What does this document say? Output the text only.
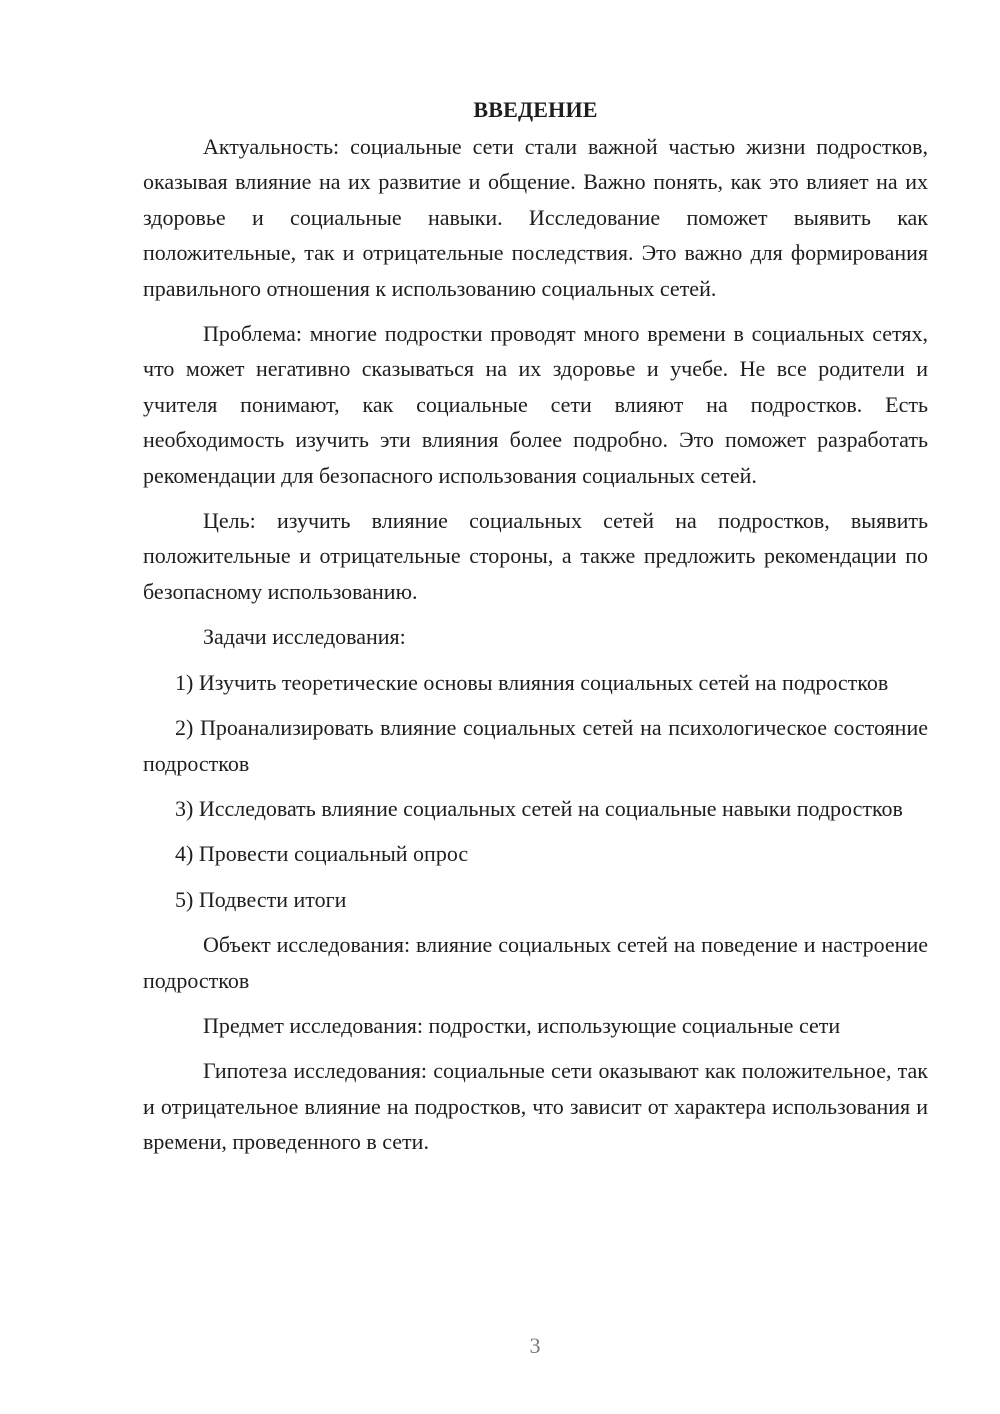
ВВЕДЕНИЕ

Актуальность: социальные сети стали важной частью жизни подростков, оказывая влияние на их развитие и общение. Важно понять, как это влияет на их здоровье и социальные навыки. Исследование поможет выявить как положительные, так и отрицательные последствия. Это важно для формирования правильного отношения к использованию социальных сетей.

Проблема: многие подростки проводят много времени в социальных сетях, что может негативно сказываться на их здоровье и учебе. Не все родители и учителя понимают, как социальные сети влияют на подростков. Есть необходимость изучить эти влияния более подробно. Это поможет разработать рекомендации для безопасного использования социальных сетей.

Цель: изучить влияние социальных сетей на подростков, выявить положительные и отрицательные стороны, а также предложить рекомендации по безопасному использованию.

Задачи исследования:

1) Изучить теоретические основы влияния социальных сетей на подростков

2) Проанализировать влияние социальных сетей на психологическое состояние подростков

3) Исследовать влияние социальных сетей на социальные навыки подростков

4) Провести социальный опрос

5) Подвести итоги

Объект исследования: влияние социальных сетей на поведение и настроение подростков

Предмет исследования: подростки, использующие социальные сети

Гипотеза исследования: социальные сети оказывают как положительное, так и отрицательное влияние на подростков, что зависит от характера использования и времени, проведенного в сети.

3
